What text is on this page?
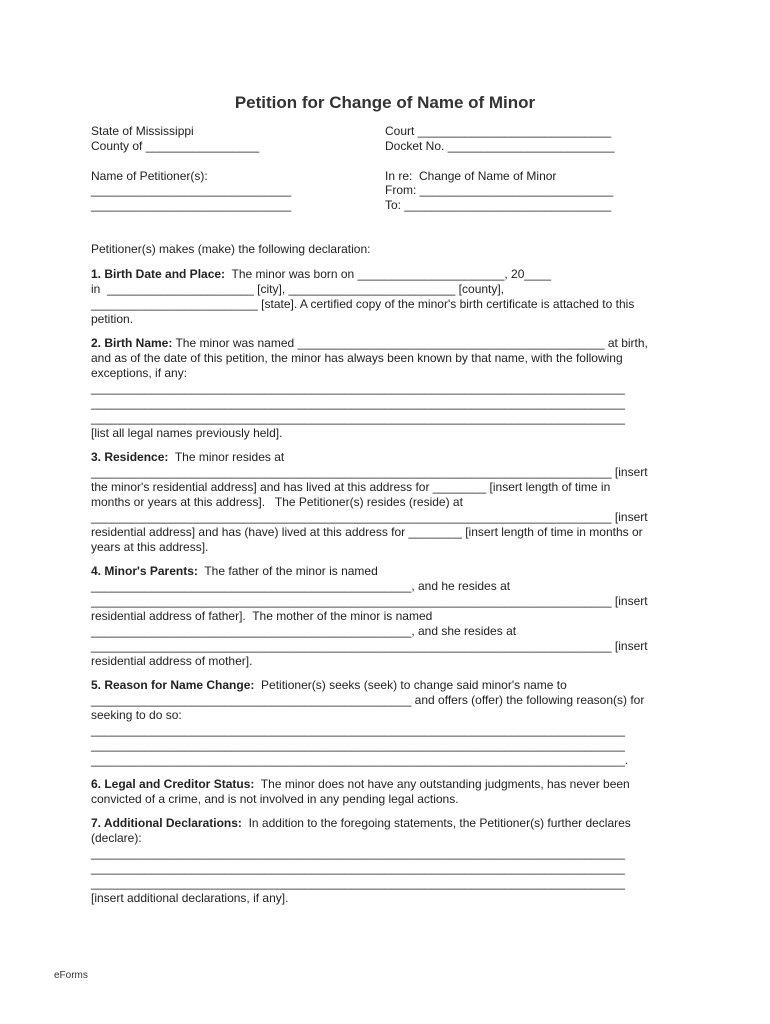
Petition for Change of Name of Minor
State of Mississippi
County of _________________
Name of Petitioner(s):
______________________________
______________________________
Court _____________________________
Docket No. _________________________
In re:  Change of Name of Minor
From: _____________________________
To: _______________________________
Petitioner(s) makes (make) the following declaration:
1. Birth Date and Place:  The minor was born on ______________________, 20____
in  ______________________ [city], _________________________ [county],
_________________________ [state]. A certified copy of the minor's birth certificate is attached to this
petition.
2. Birth Name: The minor was named ______________________________________________ at birth,
and as of the date of this petition, the minor has always been known by that name, with the following
exceptions, if any:
________________________________________________________________________________
________________________________________________________________________________
________________________________________________________________________________
[list all legal names previously held].
3. Residence:  The minor resides at
______________________________________________________________________________ [insert
the minor's residential address] and has lived at this address for ________ [insert length of time in
months or years at this address].   The Petitioner(s) resides (reside) at
______________________________________________________________________________ [insert
residential address] and has (have) lived at this address for ________ [insert length of time in months or
years at this address].
4. Minor's Parents:  The father of the minor is named
________________________________________________, and he resides at
______________________________________________________________________________ [insert
residential address of father].  The mother of the minor is named
________________________________________________, and she resides at
______________________________________________________________________________ [insert
residential address of mother].
5. Reason for Name Change:  Petitioner(s) seeks (seek) to change said minor's name to
________________________________________________ and offers (offer) the following reason(s) for
seeking to do so:
________________________________________________________________________________
________________________________________________________________________________
________________________________________________________________________________.
6. Legal and Creditor Status:  The minor does not have any outstanding judgments, has never been
convicted of a crime, and is not involved in any pending legal actions.
7. Additional Declarations:  In addition to the foregoing statements, the Petitioner(s) further declares
(declare):
________________________________________________________________________________
________________________________________________________________________________
________________________________________________________________________________
[insert additional declarations, if any].
eForms
